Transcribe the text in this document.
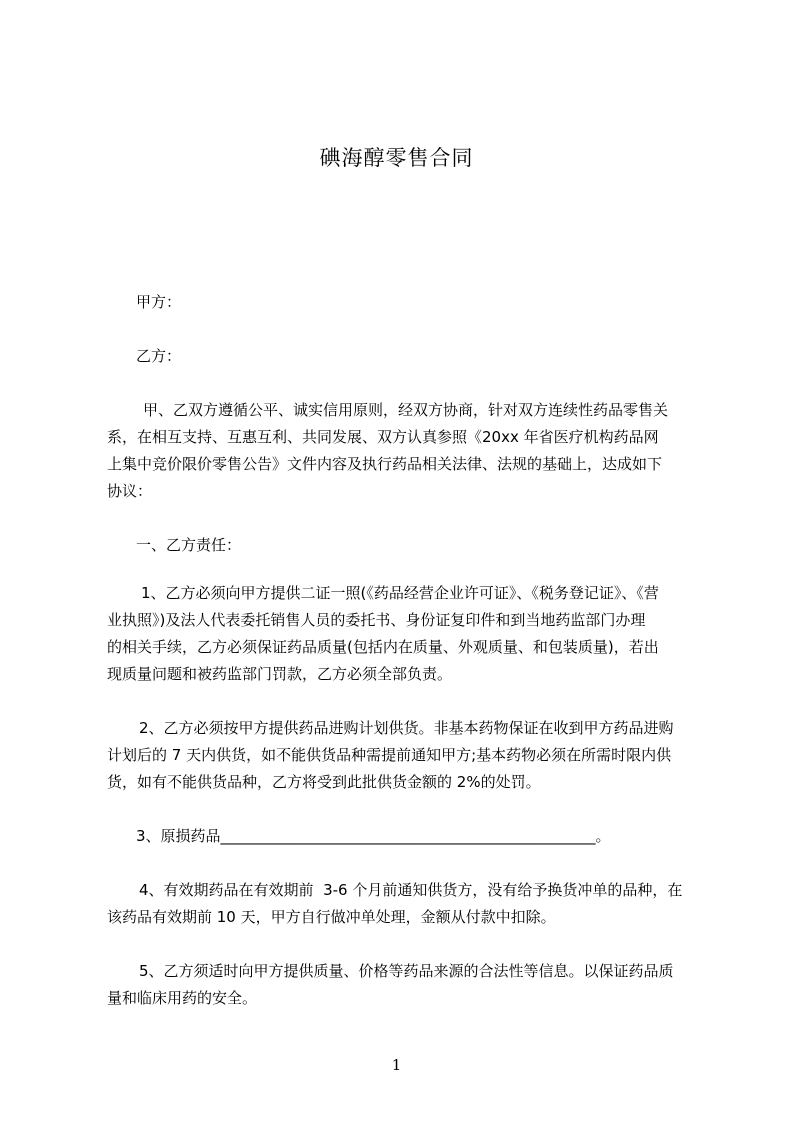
碘海醇零售合同
甲方：
乙方：
甲、乙双方遵循公平、诚实信用原则，经双方协商，针对双方连续性药品零售关
系，在相互支持、互惠互利、共同发展、双方认真参照《20xx 年省医疗机构药品网
上集中竞价限价零售公告》文件内容及执行药品相关法律、法规的基础上，达成如下
协议：
一、乙方责任：
1、乙方必须向甲方提供二证一照(《药品经营企业许可证》、《税务登记证》、《营
业执照》)及法人代表委托销售人员的委托书、身份证复印件和到当地药监部门办理
的相关手续，乙方必须保证药品质量(包括内在质量、外观质量、和包装质量)，若出
现质量问题和被药监部门罚款，乙方必须全部负责。
2、乙方必须按甲方提供药品进购计划供货。非基本药物保证在收到甲方药品进购
计划后的 7 天内供货，如不能供货品种需提前通知甲方;基本药物必须在所需时限内供
货，如有不能供货品种，乙方将受到此批供货金额的 2%的处罚。
3、原损药品__________________________________________________。
4、有效期药品在有效期前  3-6 个月前通知供货方，没有给予换货冲单的品种，在
该药品有效期前 10 天，甲方自行做冲单处理，金额从付款中扣除。
5、乙方须适时向甲方提供质量、价格等药品来源的合法性等信息。以保证药品质
量和临床用药的安全。
1
